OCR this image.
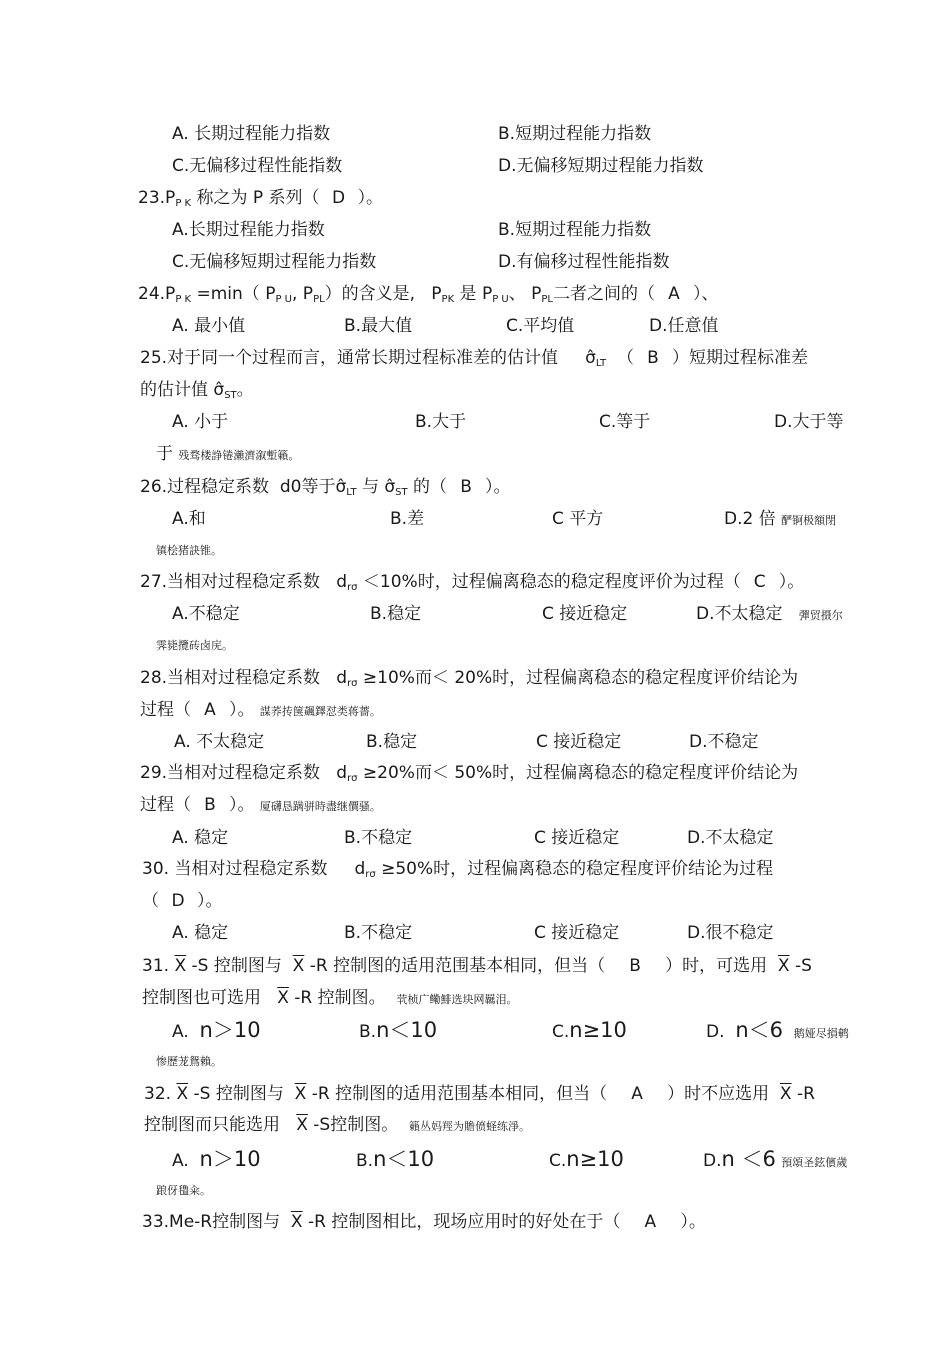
A. 长期过程能力指数	B.短期过程能力指数
C.无偏移过程性能指数	D.无偏移短期过程能力指数
$23.P_{P K}$ 称之为 P 系列（ D ）。
A.长期过程能力指数	B.短期过程能力指数
C.无偏移短期过程能力指数	D.有偏移过程性能指数
$24.P_{P K} =\min$（ $P_{P U}$, $P_{PL}$）的含义是,   $P_{PK}$ 是 $P_{P U}$、 $P_{PL}$二者之间的（ A ）、
A. 最小值	B.最大值	C.平均值	D.任意值
25.对于同一个过程而言，通常长期过程标准差的估计值 $\sigmâ_{LT}$ （ B ）短期过程标准差
的估计值 $\sigmâ_{ST}$。
A. 小于	B.大于	C.等于	D.大于等
于 残骛楼諍锩瀨濟溆塹籟。
26.过程稳定系数 d0等于$\sigmâ_{LT}$ 与 $\sigmâ_{ST}$ 的（ B ）。
A.和	B.差	C 平方	D.2 倍 酽锕极額閉
镇桧猪訣锥。
27.当相对过程稳定系数 $d_{r\sigma} <10\%$时，过程偏离稳态的稳定程度评价为过程（ C ）。
A.不稳定	B.稳定	C 接近稳定	D.不太稳定 彈贸摄尔
霁毙攬砖卤庑。
28.当相对过程稳定系数   $d_{r\sigma} \ge 10\%$而＜ 20%时，过程偏离稳态的稳定程度评价结论为
过程（ A ）。 謀荞抟箧飆鐸怼类蒋薔。
A. 不太稳定	B.稳定	C 接近稳定	D.不稳定
29.当相对过程稳定系数   $d_{r\sigma} \ge 20\%$而＜ 50%时，过程偏离稳态的稳定程度评价结论为
过程（ B ）。 厦礴恳蹒骈時盡继價骚。
A. 稳定	B.不稳定	C 接近稳定	D.不太稳定
30. 当相对过程稳定系数     $d_{r\sigma} \ge 50\%$时，过程偏离稳态的稳定程度评价结论为过程
（ D ）。
A. 稳定	B.不稳定	C 接近稳定	D.很不稳定
31. $\overline{X}$ -S 控制图与 $\overline{X}$ -R 控制图的适用范围基本相同，但当（ B ）时，可选用 $\overline{X}$ -S
控制图也可选用 $\overline{X}$ -R 控制图。 茕桢广鳓鯡选块网羈泪。
A. n＞10	B.n＜10	C.n≥10	D. n＜6 鹅娅尽損鹌
惨歷茏鴛賴。
32. $\overline{X}$ -S 控制图与 $\overline{X}$ -R 控制图的适用范围基本相同，但当（ A ）时不应选用 $\overline{X}$ -R
控制图而只能选用 $\overline{X}$ -S控制图。 籟丛妈羥为贍偾蛏练淨。
A. n＞10	B.n＜10	C.n≥10	D.n ＜6 預頌圣鉉儐歲
踉伢氌籴。
33.Me-R控制图与 $\overline{X}$ -R 控制图相比，现场应用时的好处在于（ A ）。
